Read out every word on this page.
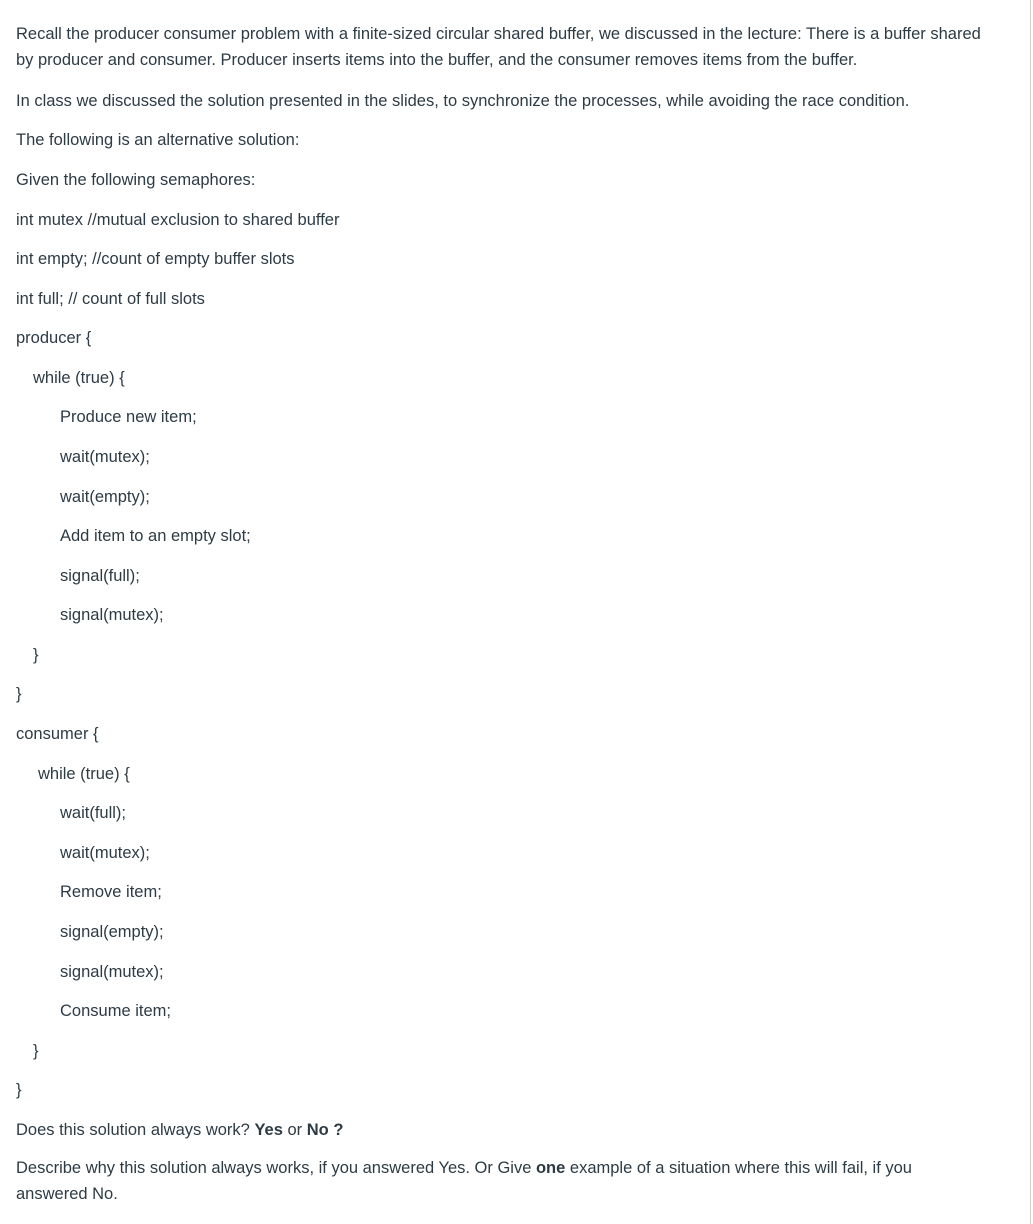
Recall the producer consumer problem with a finite-sized circular shared buffer, we discussed in the lecture: There is a buffer shared by producer and consumer. Producer inserts items into the buffer, and the consumer removes items from the buffer.
In class we discussed the solution presented in the slides, to synchronize the processes, while avoiding the race condition.
The following is an alternative solution:
Given the following semaphores:
int mutex //mutual exclusion to shared buffer
int empty; //count of empty buffer slots
int full; // count of full slots
producer {
while (true) {
Produce new item;
wait(mutex);
wait(empty);
Add item to an empty slot;
signal(full);
signal(mutex);
}
}
consumer {
while (true) {
wait(full);
wait(mutex);
Remove item;
signal(empty);
signal(mutex);
Consume item;
}
}
Does this solution always work? Yes or No ?
Describe why this solution always works, if you answered Yes. Or Give one example of a situation where this will fail, if you answered No.
